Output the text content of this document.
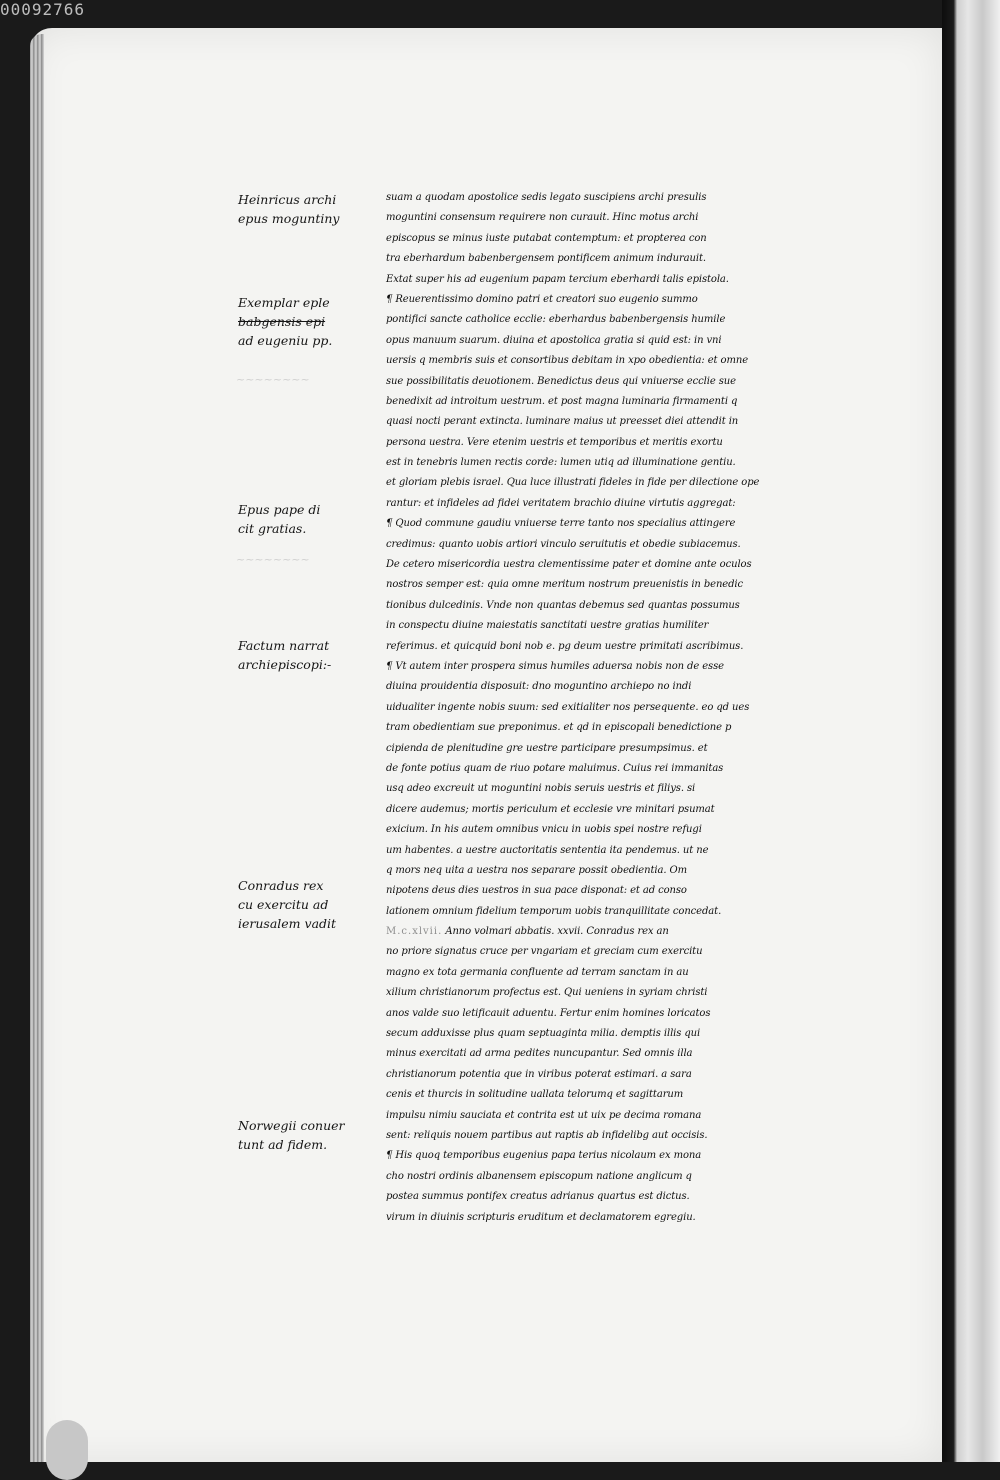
00092766
~~~~~~~~
~~~~~~~~
Heinricus archi
epus moguntiny
Exemplar eple
babgensis epi
ad eugeniu pp.
Epus pape di
cit gratias.
Factum narrat
archiepiscopi:-
Conradus rex
cu exercitu ad
ierusalem vadit
Norwegii conuer
tunt ad fidem.
suam a quodam apostolice sedis legato suscipiens archi presulis
moguntini consensum requirere non curauit. Hinc motus archi
episcopus se minus iuste putabat contemptum: et propterea con
tra eberhardum babenbergensem pontificem animum indurauit.
Extat super his ad eugenium papam tercium eberhardi talis epistola.
¶ Reuerentissimo domino patri et creatori suo eugenio summo
pontifici sancte catholice ecclie: eberhardus babenbergensis humile
opus manuum suarum. diuina et apostolica gratia si quid est: in vni
uersis q membris suis et consortibus debitam in xpo obedientia: et omne
sue possibilitatis deuotionem. Benedictus deus qui vniuerse ecclie sue
benedixit ad introitum uestrum. et post magna luminaria firmamenti q
quasi nocti perant extincta. luminare maius ut preesset diei attendit in
persona uestra. Vere etenim uestris et temporibus et meritis exortu
est in tenebris lumen rectis corde: lumen utiq ad illuminatione gentiu.
et gloriam plebis israel. Qua luce illustrati fideles in fide per dilectione ope
rantur: et infideles ad fidei veritatem brachio diuine virtutis aggregat:
¶ Quod commune gaudiu vniuerse terre tanto nos specialius attingere
credimus: quanto uobis artiori vinculo seruitutis et obedie subiacemus.
De cetero misericordia uestra clementissime pater et domine ante oculos
nostros semper est: quia omne meritum nostrum preuenistis in benedic
tionibus dulcedinis. Vnde non quantas debemus sed quantas possumus
in conspectu diuine maiestatis sanctitati uestre gratias humiliter
referimus. et quicquid boni nob e. pg deum uestre primitati ascribimus.
¶ Vt autem inter prospera simus humiles aduersa nobis non de esse
diuina prouidentia disposuit: dno moguntino archiepo no indi
uidualiter ingente nobis suum: sed exitialiter nos persequente. eo qd ues
tram obedientiam sue preponimus. et qd in episcopali benedictione p
cipienda de plenitudine gre uestre participare presumpsimus. et
de fonte potius quam de riuo potare maluimus. Cuius rei immanitas
usq adeo excreuit ut moguntini nobis seruis uestris et filiys. si
dicere audemus; mortis periculum et ecclesie vre minitari psumat
exicium. In his autem omnibus vnicu in uobis spei nostre refugi
um habentes. a uestre auctoritatis sententia ita pendemus. ut ne
q mors neq uita a uestra nos separare possit obedientia. Om
nipotens deus dies uestros in sua pace disponat: et ad conso
lationem omnium fidelium temporum uobis tranquillitate concedat.
M.c.xlvii. Anno volmari abbatis. xxvii. Conradus rex an
no priore signatus cruce per vngariam et greciam cum exercitu
magno ex tota germania confluente ad terram sanctam in au
xilium christianorum profectus est. Qui ueniens in syriam christi
anos valde suo letificauit aduentu. Fertur enim homines loricatos
secum adduxisse plus quam septuaginta milia. demptis illis qui
minus exercitati ad arma pedites nuncupantur. Sed omnis illa
christianorum potentia que in viribus poterat estimari. a sara
cenis et thurcis in solitudine uallata telorumq et sagittarum
impulsu nimiu sauciata et contrita est ut uix pe decima romana
sent: reliquis nouem partibus aut raptis ab infidelibg aut occisis.
¶ His quoq temporibus eugenius papa terius nicolaum ex mona
cho nostri ordinis albanensem episcopum natione anglicum q
postea summus pontifex creatus adrianus quartus est dictus.
virum in diuinis scripturis eruditum et declamatorem egregiu.
